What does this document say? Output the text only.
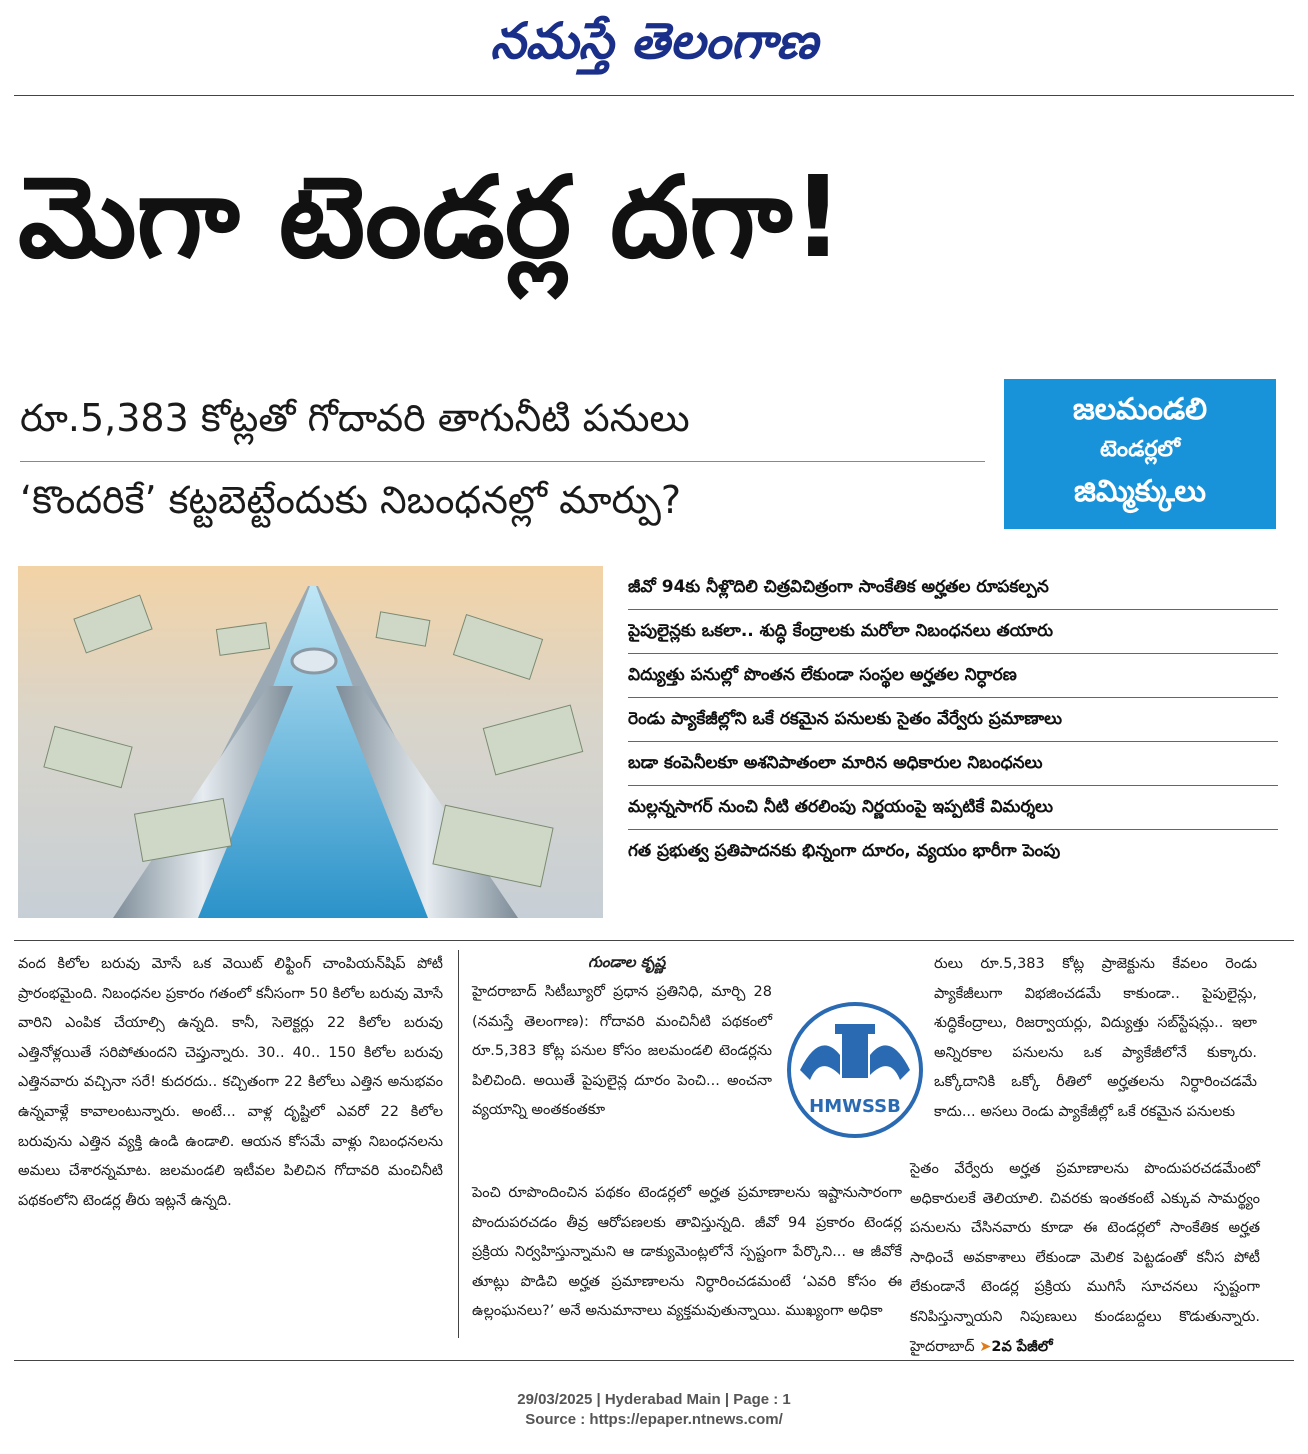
నమస్తే తెలంగాణ
మెగా టెండర్ల దగా!
రూ.5,383 కోట్లతో గోదావరి తాగునీటి పనులు
‘కొందరికే’ కట్టబెట్టేందుకు నిబంధనల్లో మార్పు?
జలమండలి
టెండర్లలో
జిమ్మిక్కులు
జీవో 94కు నీళ్లొదిలి చిత్రవిచిత్రంగా సాంకేతిక అర్హతల రూపకల్పన
పైపులైన్లకు ఒకలా.. శుద్ధి కేంద్రాలకు మరోలా నిబంధనలు తయారు
విద్యుత్తు పనుల్లో పొంతన లేకుండా సంస్థల అర్హతల నిర్ధారణ
రెండు ప్యాకేజీల్లోని ఒకే రకమైన పనులకు సైతం వేర్వేరు ప్రమాణాలు
బడా కంపెనీలకూ అశనిపాతంలా మారిన అధికారుల నిబంధనలు
మల్లన్నసాగర్ నుంచి నీటి తరలింపు నిర్ణయంపై ఇప్పటికే విమర్శలు
గత ప్రభుత్వ ప్రతిపాదనకు భిన్నంగా దూరం, వ్యయం భారీగా పెంపు
వంద కిలోల బరువు మోసే ఒక వెయిట్ లిఫ్టింగ్ చాంపియన్‌షిప్ పోటీ ప్రారంభమైంది. నిబంధనల ప్రకారం గతంలో కనీసంగా 50 కిలోల బరువు మోసే వారిని ఎంపిక చేయాల్సి ఉన్నది. కానీ, సెలెక్టర్లు 22 కిలోల బరువు ఎత్తినోళ్లయితే సరిపోతుందని చెప్తున్నారు. 30.. 40.. 150 కిలోల బరువు ఎత్తినవారు వచ్చినా సరే! కుదరదు.. కచ్చితంగా 22 కిలోలు ఎత్తిన అనుభవం ఉన్నవాళ్లే కావాలంటున్నారు. అంటే... వాళ్ల దృష్టిలో ఎవరో 22 కిలోల బరువును ఎత్తిన వ్యక్తి ఉండి ఉండాలి. ఆయన కోసమే వాళ్లు నిబంధనలను అమలు చేశారన్నమాట. జలమండలి ఇటీవల పిలిచిన గోదావరి మంచినీటి పథకంలోని టెండర్ల తీరు ఇట్లనే ఉన్నది.
గుండాల కృష్ణ
హైదరాబాద్ సిటీబ్యూరో ప్రధాన ప్రతినిధి, మార్చి 28 (నమస్తే తెలంగాణ): గోదావరి మంచినీటి పథకంలో రూ.5,383 కోట్ల పనుల కోసం జలమండలి టెండర్లను పిలిచింది. అయితే పైపులైన్ల దూరం పెంచి... అంచనా వ్యయాన్ని అంతకంతకూ	HMWSSB
పెంచి రూపొందించిన పథకం టెండర్లలో అర్హత ప్రమాణాలను ఇష్టానుసారంగా పొందుపరచడం తీవ్ర ఆరోపణలకు తావిస్తున్నది. జీవో 94 ప్రకారం టెండర్ల ప్రక్రియ నిర్వహిస్తున్నామని ఆ డాక్యుమెంట్లలోనే స్పష్టంగా పేర్కొని... ఆ జీవోకే తూట్లు పొడిచి అర్హత ప్రమాణాలను నిర్ధారించడమంటే ‘ఎవరి కోసం ఈ ఉల్లంఘనలు?’ అనే అనుమానాలు వ్యక్తమవుతున్నాయి. ముఖ్యంగా అధికా
రులు రూ.5,383 కోట్ల ప్రాజెక్టును కేవలం రెండు ప్యాకేజీలుగా విభజించడమే కాకుండా.. పైపులైన్లు, శుద్ధికేంద్రాలు, రిజర్వాయర్లు, విద్యుత్తు సబ్‌స్టేషన్లు.. ఇలా అన్నిరకాల పనులను ఒక ప్యాకేజీలోనే కుక్కారు. ఒక్కోదానికి ఒక్కో రీతిలో అర్హతలను నిర్ధారించడమే కాదు... అసలు రెండు ప్యాకేజీల్లో ఒకే రకమైన పనులకు
సైతం వేర్వేరు అర్హత ప్రమాణాలను పొందుపరచడమేంటో అధికారులకే తెలియాలి. చివరకు ఇంతకంటే ఎక్కువ సామర్థ్యం పనులను చేసినవారు కూడా ఈ టెండర్లలో సాంకేతిక అర్హత సాధించే అవకాశాలు లేకుండా మెలిక పెట్టడంతో కనీస పోటీ లేకుండానే టెండర్ల ప్రక్రియ ముగిసే సూచనలు స్పష్టంగా కనిపిస్తున్నాయని నిపుణులు కుండబద్దలు కొడుతున్నారు. హైదరాబాద్ ➤2వ పేజీలో
29/03/2025 | Hyderabad Main | Page : 1
Source : https://epaper.ntnews.com/
